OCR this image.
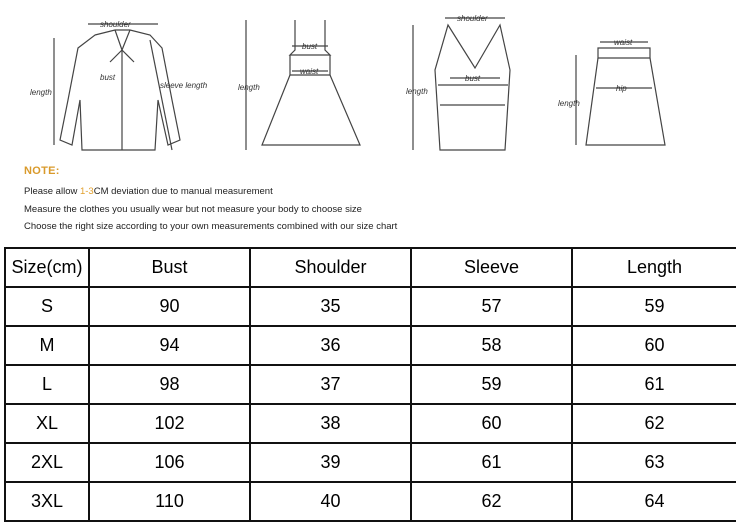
shoulder
bust
length
sleeve length
bust
waist
length
shoulder
bust
length
waist
hip
length
NOTE:
Please allow 1-3CM deviation due to manual measurement
Measure the clothes you usually wear but not measure your body to choose size
Choose the right size according to your own measurements combined with our size chart
Size(cm)	Bust	Shoulder	Sleeve	Length
S	90	35	57	59
M	94	36	58	60
L	98	37	59	61
XL	102	38	60	62
2XL	106	39	61	63
3XL	110	40	62	64
